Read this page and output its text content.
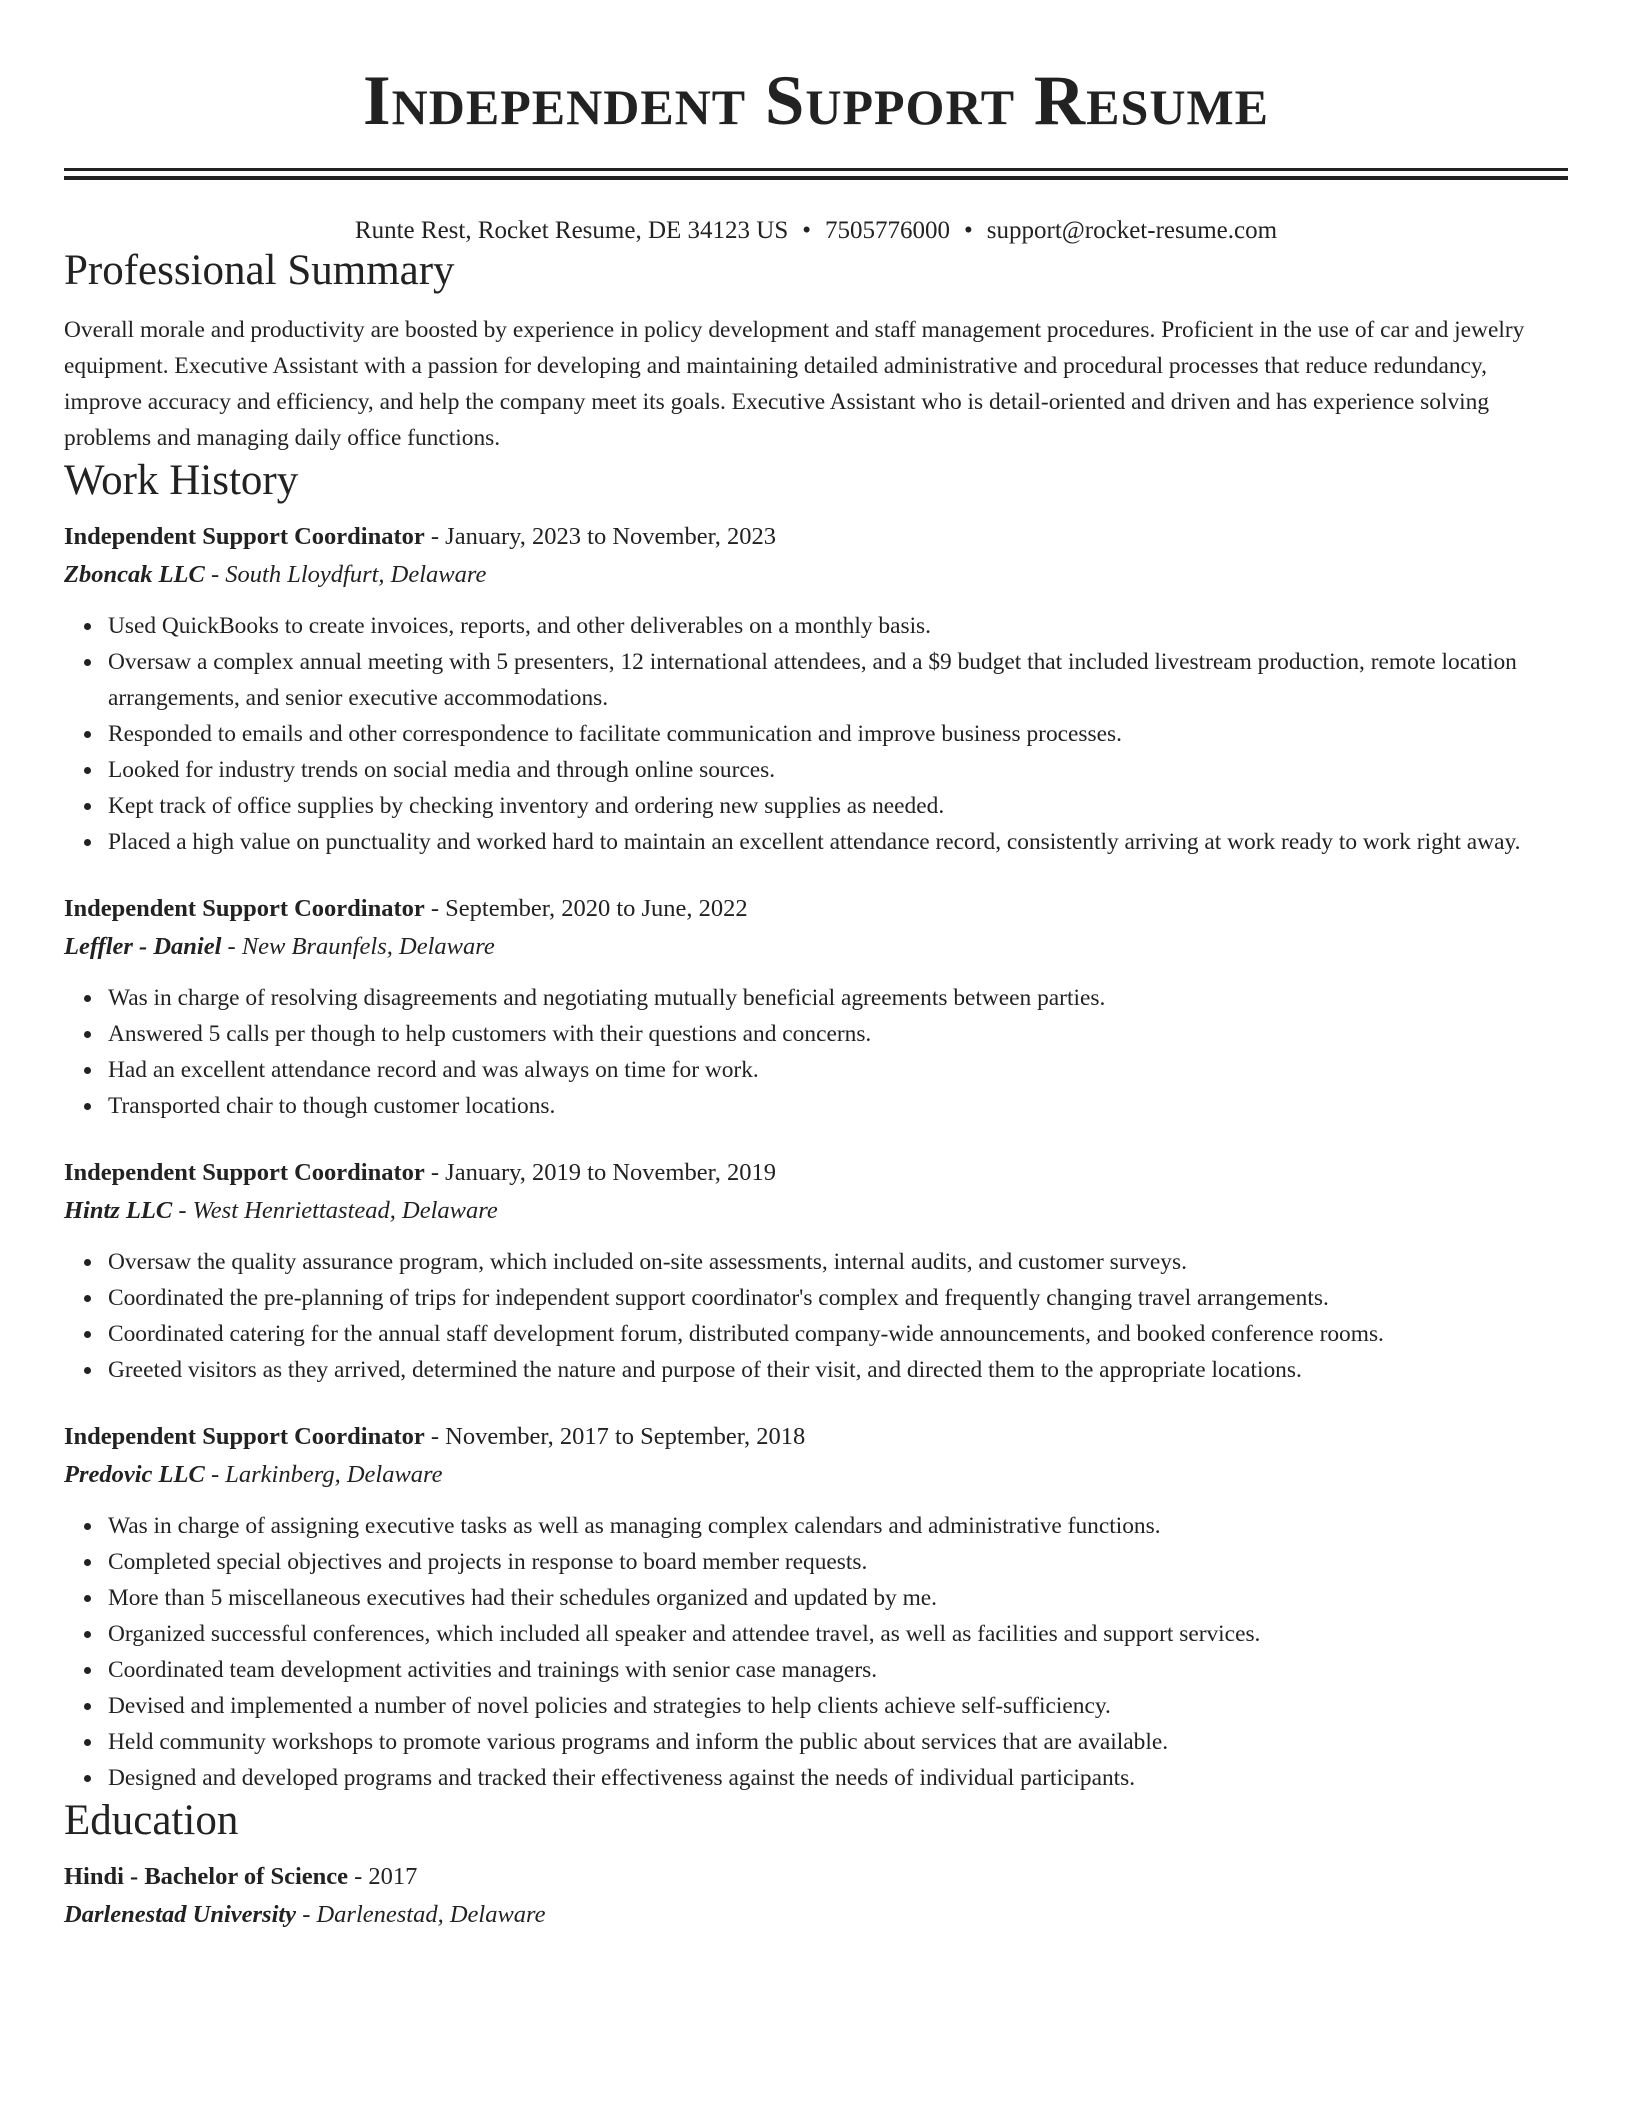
Independent Support Resume
Runte Rest, Rocket Resume, DE 34123 US • 7505776000 • support@rocket-resume.com
Professional Summary

Overall morale and productivity are boosted by experience in policy development and staff management procedures. Proficient in the use of car and jewelry equipment. Executive Assistant with a passion for developing and maintaining detailed administrative and procedural processes that reduce redundancy, improve accuracy and efficiency, and help the company meet its goals. Executive Assistant who is detail-oriented and driven and has experience solving problems and managing daily office functions.

Work History
Independent Support Coordinator - January, 2023 to November, 2023
Zboncak LLC - South Lloydfurt, Delaware
Used QuickBooks to create invoices, reports, and other deliverables on a monthly basis.
Oversaw a complex annual meeting with 5 presenters, 12 international attendees, and a $9 budget that included livestream production, remote location arrangements, and senior executive accommodations.
Responded to emails and other correspondence to facilitate communication and improve business processes.
Looked for industry trends on social media and through online sources.
Kept track of office supplies by checking inventory and ordering new supplies as needed.
Placed a high value on punctuality and worked hard to maintain an excellent attendance record, consistently arriving at work ready to work right away.
Independent Support Coordinator - September, 2020 to June, 2022
Leffler - Daniel - New Braunfels, Delaware
Was in charge of resolving disagreements and negotiating mutually beneficial agreements between parties.
Answered 5 calls per though to help customers with their questions and concerns.
Had an excellent attendance record and was always on time for work.
Transported chair to though customer locations.
Independent Support Coordinator - January, 2019 to November, 2019
Hintz LLC - West Henriettastead, Delaware
Oversaw the quality assurance program, which included on-site assessments, internal audits, and customer surveys.
Coordinated the pre-planning of trips for independent support coordinator's complex and frequently changing travel arrangements.
Coordinated catering for the annual staff development forum, distributed company-wide announcements, and booked conference rooms.
Greeted visitors as they arrived, determined the nature and purpose of their visit, and directed them to the appropriate locations.
Independent Support Coordinator - November, 2017 to September, 2018
Predovic LLC - Larkinberg, Delaware
Was in charge of assigning executive tasks as well as managing complex calendars and administrative functions.
Completed special objectives and projects in response to board member requests.
More than 5 miscellaneous executives had their schedules organized and updated by me.
Organized successful conferences, which included all speaker and attendee travel, as well as facilities and support services.
Coordinated team development activities and trainings with senior case managers.
Devised and implemented a number of novel policies and strategies to help clients achieve self-sufficiency.
Held community workshops to promote various programs and inform the public about services that are available.
Designed and developed programs and tracked their effectiveness against the needs of individual participants.
Education
Hindi - Bachelor of Science - 2017
Darlenestad University - Darlenestad, Delaware
